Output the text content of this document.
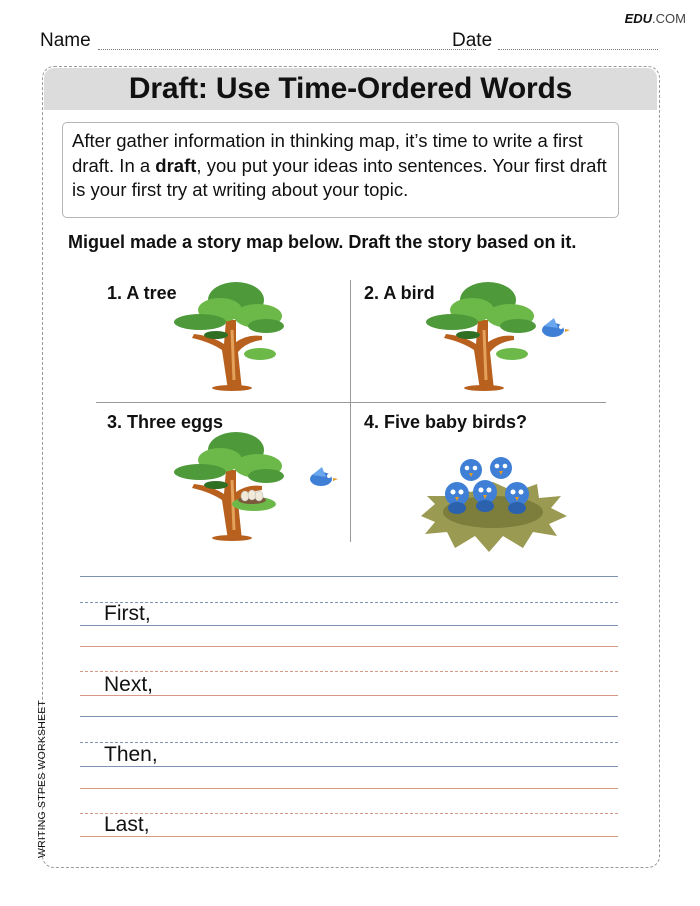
EDU.COM
Name	Date
Draft: Use Time-Ordered Words
After gather information in thinking map, it’s time to write a first draft. In a draft, you put your ideas into sentences. Your first draft is your first try at writing about your topic.
Miguel made a story map below. Draft the story based on it.
1. A tree	2. A bird
3. Three eggs	4. Five baby birds?
First,
Next,
Then,
Last,
WRITING STPES WORKSHEET
